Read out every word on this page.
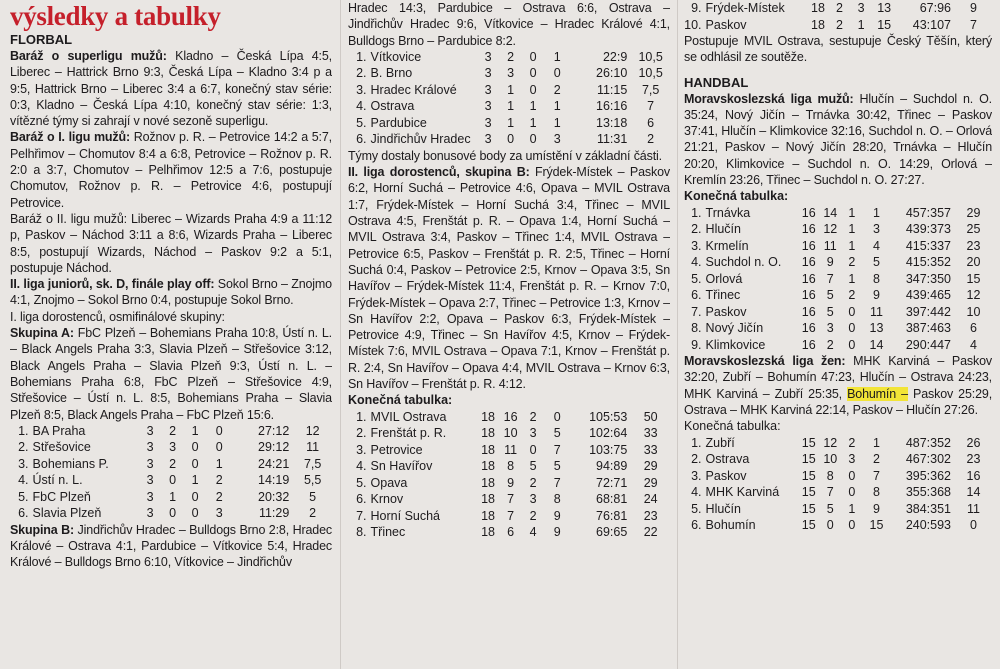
výsledky a tabulky
FLORBAL

Baráž o superligu mužů: Kladno – Česká Lípa 4:5, Liberec – Hattrick Brno 9:3, Česká Lípa – Kladno 3:4 p a 9:5, Hattrick Brno – Liberec 3:4 a 6:7, konečný stav série: 0:3, Kladno – Česká Lípa 4:10, konečný stav série: 1:3, vítězné týmy si zahrají v nové sezoně superligu.

Baráž o I. ligu mužů: Rožnov p. R. – Petrovice 14:2 a 5:7, Pelhřimov – Chomutov 8:4 a 6:8, Petrovice – Rožnov p. R. 2:0 a 3:7, Chomutov – Pelhřimov 12:5 a 7:6, postupuje Chomutov, Rožnov p. R. – Petrovice 4:6, postupují Petrovice.

Baráž o II. ligu mužů: Liberec – Wizards Praha 4:9 a 11:12 p, Paskov – Náchod 3:11 a 8:6, Wizards Praha – Liberec 8:5, postupují Wizards, Náchod – Paskov 9:2 a 5:1, postupuje Náchod.

II. liga juniorů, sk. D, finále play off: Sokol Brno – Znojmo 4:1, Znojmo – Sokol Brno 0:4, postupuje Sokol Brno.

I. liga dorostenců, osmifinálové skupiny:

Skupina A: FbC Plzeň – Bohemians Praha 10:8, Ústí n. L. – Black Angels Praha 3:3, Slavia Plzeň – Střešovice 3:12, Black Angels Praha – Slavia Plzeň 9:3, Ústí n. L. – Bohemians Praha 6:8, FbC Plzeň – Střešovice 4:9, Střešovice – Ústí n. L. 8:5, Bohemians Praha – Slavia Plzeň 8:5, Black Angels Praha – FbC Plzeň 15:6.

1.	BA Praha	3	2	1	0	27:12	12
2.	Střešovice	3	3	0	0	29:12	11
3.	Bohemians P.	3	2	0	1	24:21	7,5
4.	Ústí n. L.	3	0	1	2	14:19	5,5
5.	FbC Plzeň	3	1	0	2	20:32	5
6.	Slavia Plzeň	3	0	0	3	11:29	2

Skupina B: Jindřichův Hradec – Bulldogs Brno 2:8, Hradec Králové – Ostrava 4:1, Pardubice – Vítkovice 5:4, Hradec Králové – Bulldogs Brno 6:10, Vítkovice – Jindřichův

Hradec 14:3, Pardubice – Ostrava 6:6, Ostrava – Jindřichův Hradec 9:6, Vítkovice – Hradec Králové 4:1, Bulldogs Brno – Pardubice 8:2.

1.	Vítkovice	3	2	0	1	22:9	10,5
2.	B. Brno	3	3	0	0	26:10	10,5
3.	Hradec Králové	3	1	0	2	11:15	7,5
4.	Ostrava	3	1	1	1	16:16	7
5.	Pardubice	3	1	1	1	13:18	6
6.	Jindřichův Hradec	3	0	0	3	11:31	2

Týmy dostaly bonusové body za umístění v základní části.

II. liga dorostenců, skupina B: Frýdek-Místek – Paskov 6:2, Horní Suchá – Petrovice 4:6, Opava – MVIL Ostrava 1:7, Frýdek-Místek – Horní Suchá 3:4, Třinec – MVIL Ostrava 4:5, Frenštát p. R. – Opava 1:4, Horní Suchá – MVIL Ostrava 3:4, Paskov – Třinec 1:4, MVIL Ostrava – Petrovice 6:5, Paskov – Frenštát p. R. 2:5, Třinec – Horní Suchá 0:4, Paskov – Petrovice 2:5, Krnov – Opava 3:5, Sn Havířov – Frýdek-Místek 11:4, Frenštát p. R. – Krnov 7:0, Frýdek-Místek – Opava 2:7, Třinec – Petrovice 1:3, Krnov – Sn Havířov 2:2, Opava – Paskov 6:3, Frýdek-Místek – Petrovice 4:9, Třinec – Sn Havířov 4:5, Krnov – Frýdek-Místek 7:6, MVIL Ostrava – Opava 7:1, Krnov – Frenštát p. R. 2:4, Sn Havířov – Opava 4:4, MVIL Ostrava – Krnov 6:3, Sn Havířov – Frenštát p. R. 4:12.

Konečná tabulka:
1.	MVIL Ostrava	18	16	2	0	105:53	50
2.	Frenštát p. R.	18	10	3	5	102:64	33
3.	Petrovice	18	11	0	7	103:75	33
4.	Sn Havířov	18	8	5	5	94:89	29
5.	Opava	18	9	2	7	72:71	29
6.	Krnov	18	7	3	8	68:81	24
7.	Horní Suchá	18	7	2	9	76:81	23
8.	Třinec	18	6	4	9	69:65	22
9.	Frýdek-Místek	18	2	3	13	67:96	9
10.	Paskov	18	2	1	15	43:107	7

Postupuje MVIL Ostrava, sestupuje Český Těšín, který se odhlásil ze soutěže.

HANDBAL

Moravskoslezská liga mužů: Hlučín – Suchdol n. O. 35:24, Nový Jičín – Trnávka 30:42, Třinec – Paskov 37:41, Hlučín – Klimkovice 32:16, Suchdol n. O. – Orlová 21:21, Paskov – Nový Jičín 28:20, Trnávka – Hlučín 20:20, Klimkovice – Suchdol n. O. 14:29, Orlová – Kremlín 23:26, Třinec – Suchdol n. O. 27:27.

Konečná tabulka:
1.	Trnávka	16	14	1	1	457:357	29
2.	Hlučín	16	12	1	3	439:373	25
3.	Krmelín	16	11	1	4	415:337	23
4.	Suchdol n. O.	16	9	2	5	415:352	20
5.	Orlová	16	7	1	8	347:350	15
6.	Třinec	16	5	2	9	439:465	12
7.	Paskov	16	5	0	11	397:442	10
8.	Nový Jičín	16	3	0	13	387:463	6
9.	Klimkovice	16	2	0	14	290:447	4

Moravskoslezská liga žen: MHK Karviná – Paskov 32:20, Zubří – Bohumín 47:23, Hlučín – Ostrava 24:23, MHK Karviná – Zubří 25:35, Bohumín – Paskov 25:29, Ostrava – MHK Karviná 22:14, Paskov – Hlučín 27:26.

Konečná tabulka:
1.	Zubří	15	12	2	1	487:352	26
2.	Ostrava	15	10	3	2	467:302	23
3.	Paskov	15	8	0	7	395:362	16
4.	MHK Karviná	15	7	0	8	355:368	14
5.	Hlučín	15	5	1	9	384:351	11
6.	Bohumín	15	0	0	15	240:593	0
